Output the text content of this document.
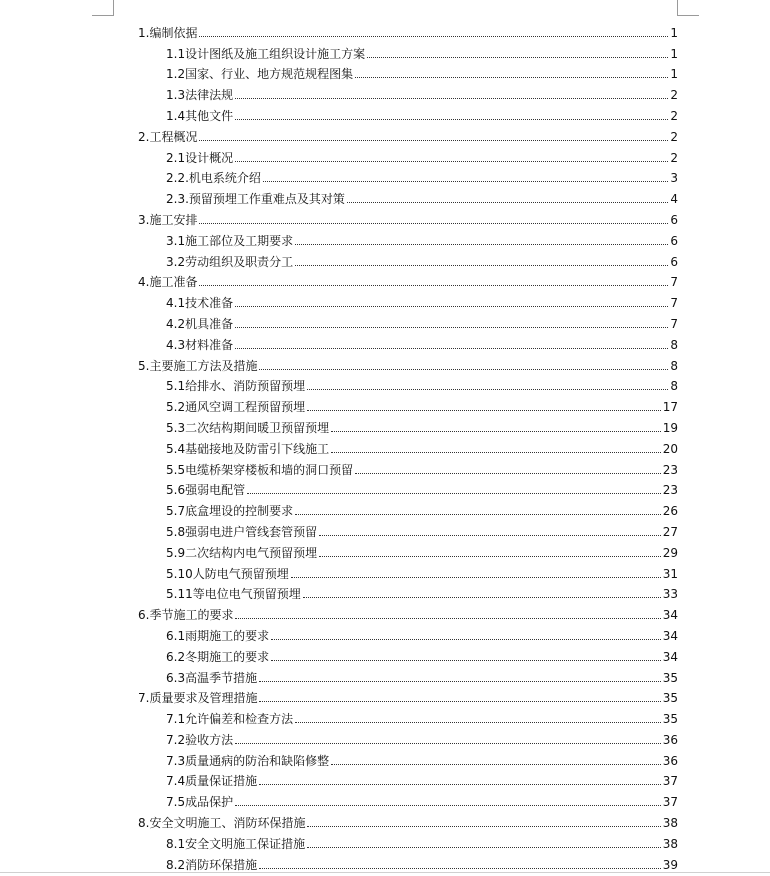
1. 编制依据	1
1.1 设计图纸及施工组织设计施工方案	1
1.2 国家、行业、地方规范规程图集	1
1.3 法律法规	2
1.4 其他文件	2
2. 工程概况	2
2.1 设计概况	2
2.2. 机电系统介绍	3
2.3. 预留预埋工作重难点及其对策	4
3. 施工安排	6
3.1 施工部位及工期要求	6
3.2 劳动组织及职责分工	6
4. 施工准备	7
4.1 技术准备	7
4.2 机具准备	7
4.3 材料准备	8
5. 主要施工方法及措施	8
5.1 给排水、消防预留预埋	8
5.2 通风空调工程预留预埋	17
5.3 二次结构期间暖卫预留预埋	19
5.4 基础接地及防雷引下线施工	20
5.5 电缆桥架穿楼板和墙的洞口预留	23
5.6 强弱电配管	23
5.7 底盒埋设的控制要求	26
5.8 强弱电进户管线套管预留	27
5.9 二次结构内电气预留预埋	29
5.10 人防电气预留预埋	31
5.11 等电位电气预留预埋	33
6. 季节施工的要求	34
6.1 雨期施工的要求	34
6.2 冬期施工的要求	34
6.3 高温季节措施	35
7. 质量要求及管理措施	35
7.1 允许偏差和检查方法	35
7.2 验收方法	36
7.3 质量通病的防治和缺陷修整	36
7.4 质量保证措施	37
7.5 成品保护	37
8. 安全文明施工、消防环保措施	38
8.1 安全文明施工保证措施	38
8.2 消防环保措施	39
